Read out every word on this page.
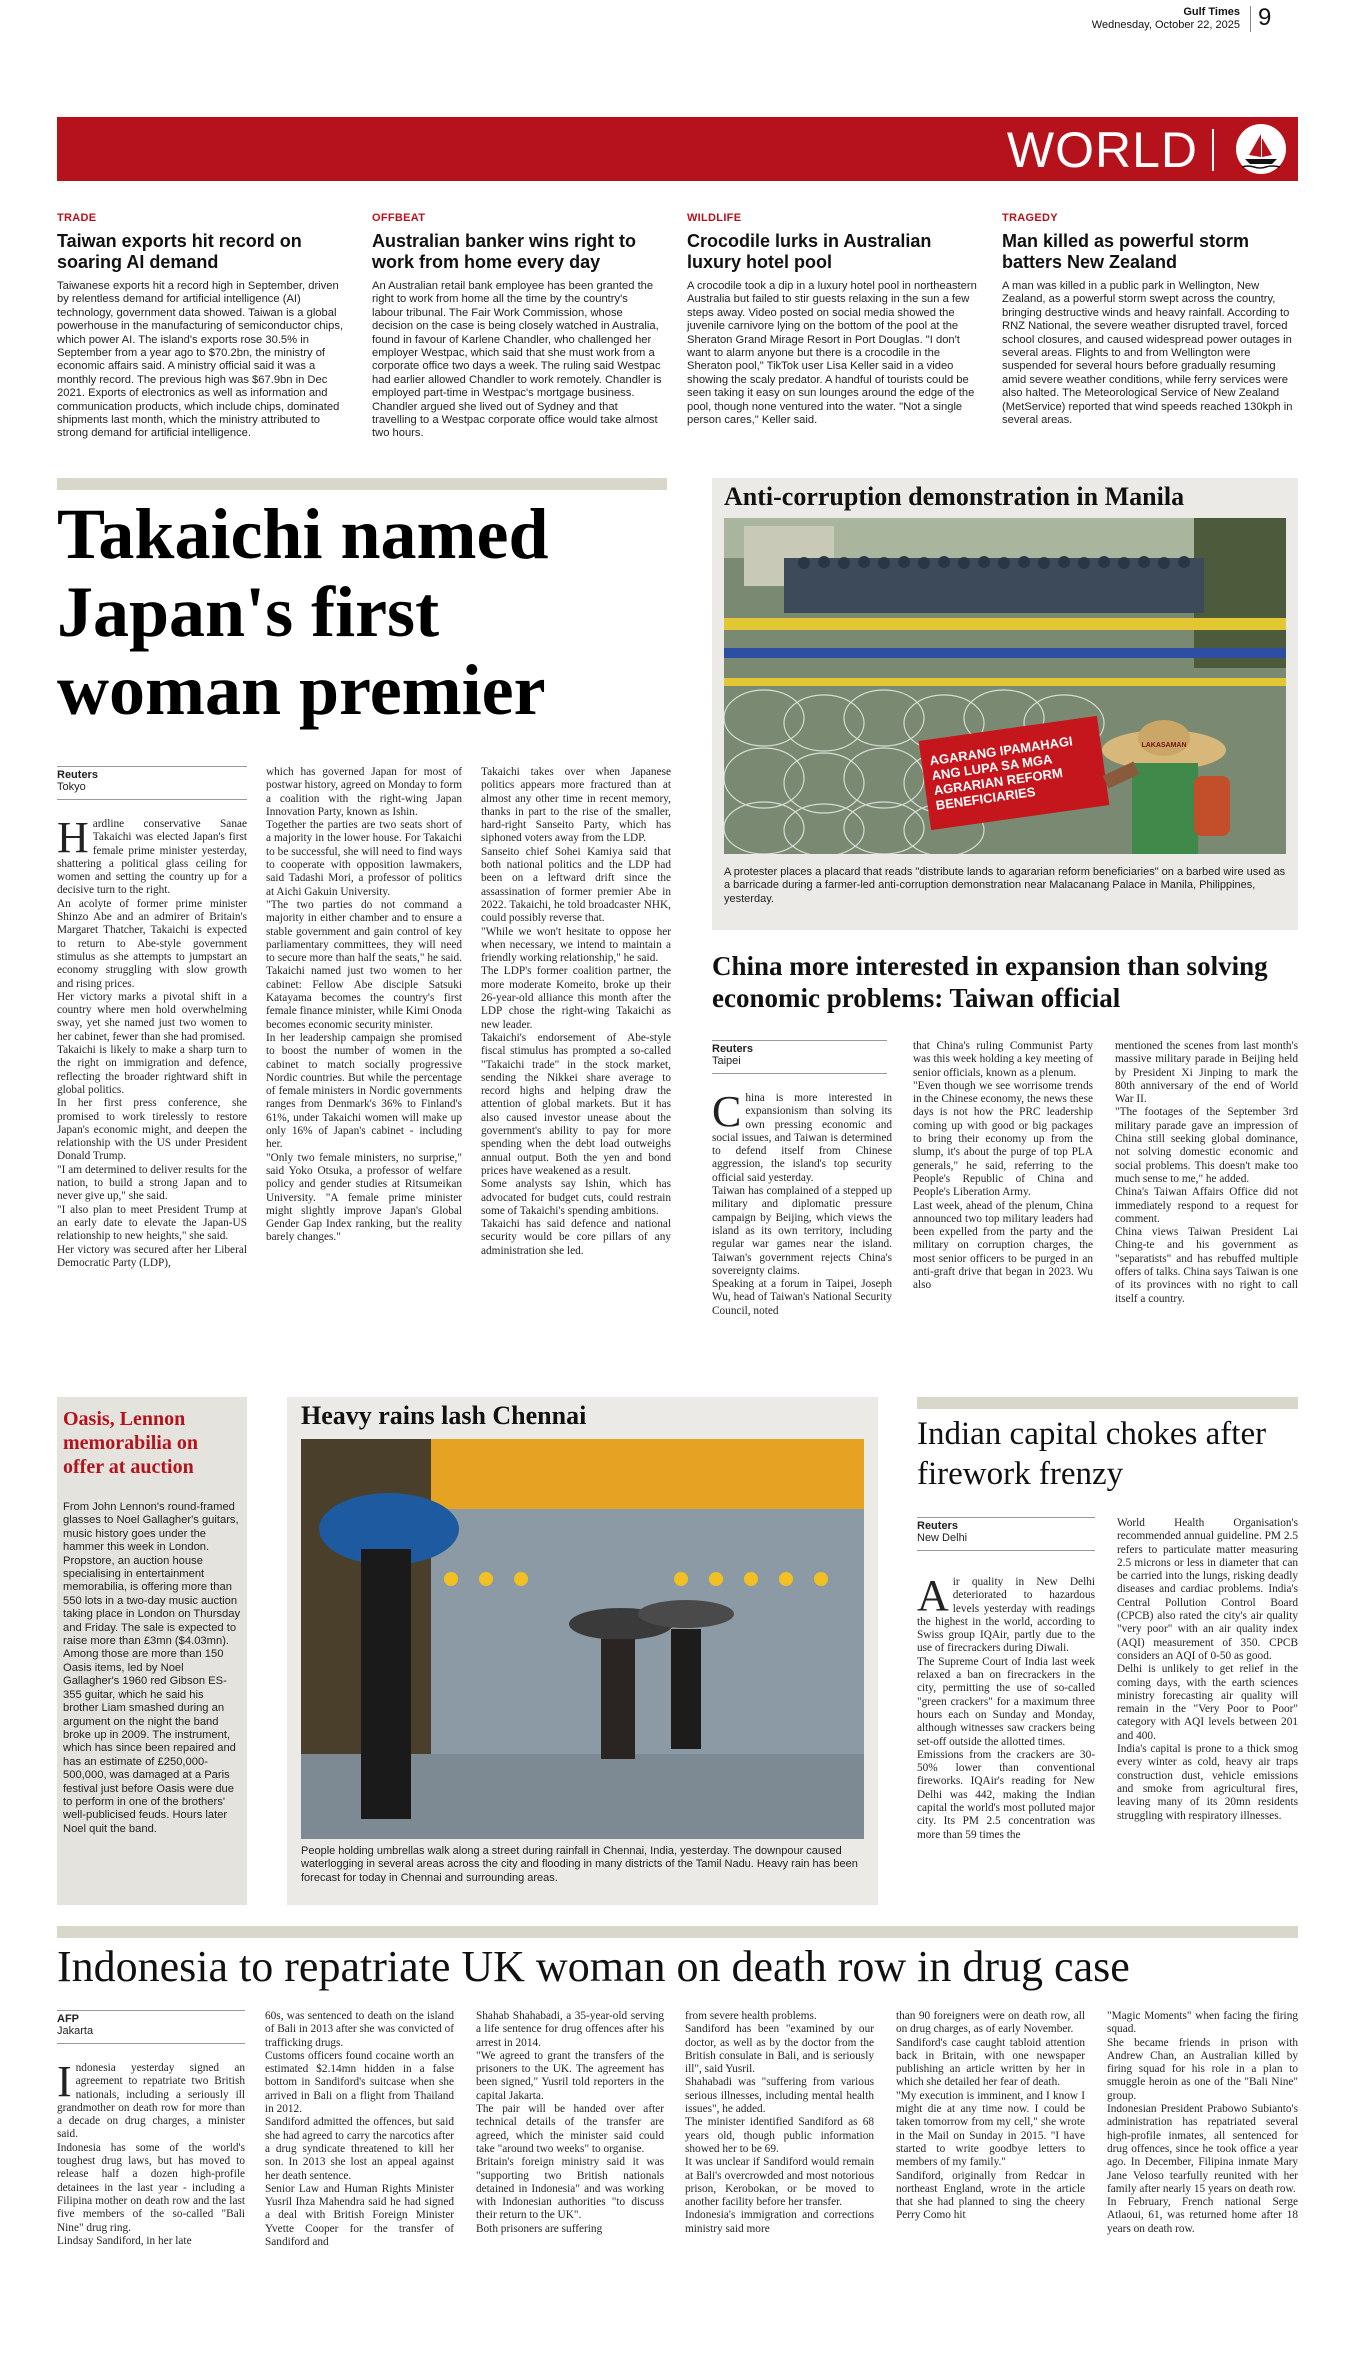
Gulf Times
Wednesday, October 22, 2025 9
WORLD
TRADE
Taiwan exports hit record on soaring AI demand
Taiwanese exports hit a record high in September, driven by relentless demand for artificial intelligence (AI) technology, government data showed. Taiwan is a global powerhouse in the manufacturing of semiconductor chips, which power AI. The island's exports rose 30.5% in September from a year ago to $70.2bn, the ministry of economic affairs said. A ministry official said it was a monthly record. The previous high was $67.9bn in Dec 2021. Exports of electronics as well as information and communication products, which include chips, dominated shipments last month, which the ministry attributed to strong demand for artificial intelligence.
OFFBEAT
Australian banker wins right to work from home every day
An Australian retail bank employee has been granted the right to work from home all the time by the country's labour tribunal. The Fair Work Commission, whose decision on the case is being closely watched in Australia, found in favour of Karlene Chandler, who challenged her employer Westpac, which said that she must work from a corporate office two days a week. The ruling said Westpac had earlier allowed Chandler to work remotely. Chandler is employed part-time in Westpac's mortgage business. Chandler argued she lived out of Sydney and that travelling to a Westpac corporate office would take almost two hours.
WILDLIFE
Crocodile lurks in Australian luxury hotel pool
A crocodile took a dip in a luxury hotel pool in northeastern Australia but failed to stir guests relaxing in the sun a few steps away. Video posted on social media showed the juvenile carnivore lying on the bottom of the pool at the Sheraton Grand Mirage Resort in Port Douglas. "I don't want to alarm anyone but there is a crocodile in the Sheraton pool," TikTok user Lisa Keller said in a video showing the scaly predator. A handful of tourists could be seen taking it easy on sun lounges around the edge of the pool, though none ventured into the water. "Not a single person cares," Keller said.
TRAGEDY
Man killed as powerful storm batters New Zealand
A man was killed in a public park in Wellington, New Zealand, as a powerful storm swept across the country, bringing destructive winds and heavy rainfall. According to RNZ National, the severe weather disrupted travel, forced school closures, and caused widespread power outages in several areas. Flights to and from Wellington were suspended for several hours before gradually resuming amid severe weather conditions, while ferry services were also halted. The Meteorological Service of New Zealand (MetService) reported that wind speeds reached 130kph in several areas.
Takaichi named Japan's first woman premier
Reuters
Tokyo
H ardline conservative Sanae Takaichi was elected Japan's first female prime minister yesterday, shattering a political glass ceiling for women and setting the country up for a decisive turn to the right.

An acolyte of former prime minister Shinzo Abe and an admirer of Britain's Margaret Thatcher, Takaichi is expected to return to Abe-style government stimulus as she attempts to jumpstart an economy struggling with slow growth and rising prices.

Her victory marks a pivotal shift in a country where men hold overwhelming sway, yet she named just two women to her cabinet, fewer than she had promised.

Takaichi is likely to make a sharp turn to the right on immigration and defence, reflecting the broader rightward shift in global politics.

In her first press conference, she promised to work tirelessly to restore Japan's economic might, and deepen the relationship with the US under President Donald Trump.

"I am determined to deliver results for the nation, to build a strong Japan and to never give up," she said.

"I also plan to meet President Trump at an early date to elevate the Japan-US relationship to new heights," she said.

Her victory was secured after her Liberal Democratic Party (LDP),

which has governed Japan for most of postwar history, agreed on Monday to form a coalition with the right-wing Japan Innovation Party, known as Ishin.

Together the parties are two seats short of a majority in the lower house. For Takaichi to be successful, she will need to find ways to cooperate with opposition lawmakers, said Tadashi Mori, a professor of politics at Aichi Gakuin University.

"The two parties do not command a majority in either chamber and to ensure a stable government and gain control of key parliamentary committees, they will need to secure more than half the seats," he said. Takaichi named just two women to her cabinet: Fellow Abe disciple Satsuki Katayama becomes the country's first female finance minister, while Kimi Onoda becomes economic security minister.

In her leadership campaign she promised to boost the number of women in the cabinet to match socially progressive Nordic countries. But while the percentage of female ministers in Nordic governments ranges from Denmark's 36% to Finland's 61%, under Takaichi women will make up only 16% of Japan's cabinet - including her.

"Only two female ministers, no surprise," said Yoko Otsuka, a professor of welfare policy and gender studies at Ritsumeikan University. "A female prime minister might slightly improve Japan's Global Gender Gap Index ranking, but the reality barely changes."

Takaichi takes over when Japanese politics appears more fractured than at almost any other time in recent memory, thanks in part to the rise of the smaller, hard-right Sanseito Party, which has siphoned voters away from the LDP.

Sanseito chief Sohei Kamiya said that both national politics and the LDP had been on a leftward drift since the assassination of former premier Abe in 2022. Takaichi, he told broadcaster NHK, could possibly reverse that.

"While we won't hesitate to oppose her when necessary, we intend to maintain a friendly working relationship," he said.

The LDP's former coalition partner, the more moderate Komeito, broke up their 26-year-old alliance this month after the LDP chose the right-wing Takaichi as new leader.

Takaichi's endorsement of Abe-style fiscal stimulus has prompted a so-called "Takaichi trade" in the stock market, sending the Nikkei share average to record highs and helping draw the attention of global markets. But it has also caused investor unease about the government's ability to pay for more spending when the debt load outweighs annual output. Both the yen and bond prices have weakened as a result.

Some analysts say Ishin, which has advocated for budget cuts, could restrain some of Takaichi's spending ambitions.

Takaichi has said defence and national security would be core pillars of any administration she led.

Anti-corruption demonstration in Manila
AGARANG IPAMAHAGI ANG LUPA SA MGA AGRARIAN REFORM BENEFICIARIES
LAKASAMAN
A protester places a placard that reads "distribute lands to agararian reform beneficiaries" on a barbed wire used as a barricade during a farmer-led anti-corruption demonstration near Malacanang Palace in Manila, Philippines, yesterday.
China more interested in expansion than solving economic problems: Taiwan official
Reuters
Taipei
C hina is more interested in expansionism than solving its own pressing economic and social issues, and Taiwan is determined to defend itself from Chinese aggression, the island's top security official said yesterday.

Taiwan has complained of a stepped up military and diplomatic pressure campaign by Beijing, which views the island as its own territory, including regular war games near the island. Taiwan's government rejects China's sovereignty claims.

Speaking at a forum in Taipei, Joseph Wu, head of Taiwan's National Security Council, noted

that China's ruling Communist Party was this week holding a key meeting of senior officials, known as a plenum.

"Even though we see worrisome trends in the Chinese economy, the news these days is not how the PRC leadership coming up with good or big packages to bring their economy up from the slump, it's about the purge of top PLA generals," he said, referring to the People's Republic of China and People's Liberation Army.

Last week, ahead of the plenum, China announced two top military leaders had been expelled from the party and the military on corruption charges, the most senior officers to be purged in an anti-graft drive that began in 2023. Wu also

mentioned the scenes from last month's massive military parade in Beijing held by President Xi Jinping to mark the 80th anniversary of the end of World War II.

"The footages of the September 3rd military parade gave an impression of China still seeking global dominance, not solving domestic economic and social problems. This doesn't make too much sense to me," he added.

China's Taiwan Affairs Office did not immediately respond to a request for comment.

China views Taiwan President Lai Ching-te and his government as "separatists" and has rebuffed multiple offers of talks. China says Taiwan is one of its provinces with no right to call itself a country.

Oasis, Lennon memorabilia on offer at auction
From John Lennon's round-framed glasses to Noel Gallagher's guitars, music history goes under the hammer this week in London. Propstore, an auction house specialising in entertainment memorabilia, is offering more than 550 lots in a two-day music auction taking place in London on Thursday and Friday. The sale is expected to raise more than £3mn ($4.03mn). Among those are more than 150 Oasis items, led by Noel Gallagher's 1960 red Gibson ES-355 guitar, which he said his brother Liam smashed during an argument on the night the band broke up in 2009. The instrument, which has since been repaired and has an estimate of £250,000-500,000, was damaged at a Paris festival just before Oasis were due to perform in one of the brothers' well-publicised feuds. Hours later Noel quit the band.
Heavy rains lash Chennai
People holding umbrellas walk along a street during rainfall in Chennai, India, yesterday. The downpour caused waterlogging in several areas across the city and flooding in many districts of the Tamil Nadu. Heavy rain has been forecast for today in Chennai and surrounding areas.
Indian capital chokes after firework frenzy
Reuters
New Delhi
A ir quality in New Delhi deteriorated to hazardous levels yesterday with readings the highest in the world, according to Swiss group IQAir, partly due to the use of firecrackers during Diwali.

The Supreme Court of India last week relaxed a ban on firecrackers in the city, permitting the use of so-called "green crackers" for a maximum three hours each on Sunday and Monday, although witnesses saw crackers being set-off outside the allotted times.

Emissions from the crackers are 30-50% lower than conventional fireworks. IQAir's reading for New Delhi was 442, making the Indian capital the world's most polluted major city. Its PM 2.5 concentration was more than 59 times the

World Health Organisation's recommended annual guideline. PM 2.5 refers to particulate matter measuring 2.5 microns or less in diameter that can be carried into the lungs, risking deadly diseases and cardiac problems. India's Central Pollution Control Board (CPCB) also rated the city's air quality "very poor" with an air quality index (AQI) measurement of 350. CPCB considers an AQI of 0-50 as good.

Delhi is unlikely to get relief in the coming days, with the earth sciences ministry forecasting air quality will remain in the "Very Poor to Poor" category with AQI levels between 201 and 400.

India's capital is prone to a thick smog every winter as cold, heavy air traps construction dust, vehicle emissions and smoke from agricultural fires, leaving many of its 20mn residents struggling with respiratory illnesses.

Indonesia to repatriate UK woman on death row in drug case
AFP
Jakarta
I ndonesia yesterday signed an agreement to repatriate two British nationals, including a seriously ill grandmother on death row for more than a decade on drug charges, a minister said.

Indonesia has some of the world's toughest drug laws, but has moved to release half a dozen high-profile detainees in the last year - including a Filipina mother on death row and the last five members of the so-called "Bali Nine" drug ring.

Lindsay Sandiford, in her late

60s, was sentenced to death on the island of Bali in 2013 after she was convicted of trafficking drugs.

Customs officers found cocaine worth an estimated $2.14mn hidden in a false bottom in Sandiford's suitcase when she arrived in Bali on a flight from Thailand in 2012.

Sandiford admitted the offences, but said she had agreed to carry the narcotics after a drug syndicate threatened to kill her son. In 2013 she lost an appeal against her death sentence.

Senior Law and Human Rights Minister Yusril Ihza Mahendra said he had signed a deal with British Foreign Minister Yvette Cooper for the transfer of Sandiford and

Shahab Shahabadi, a 35-year-old serving a life sentence for drug offences after his arrest in 2014.

"We agreed to grant the transfers of the prisoners to the UK. The agreement has been signed," Yusril told reporters in the capital Jakarta.

The pair will be handed over after technical details of the transfer are agreed, which the minister said could take "around two weeks" to organise.

Britain's foreign ministry said it was "supporting two British nationals detained in Indonesia" and was working with Indonesian authorities "to discuss their return to the UK".

Both prisoners are suffering

from severe health problems.

Sandiford has been "examined by our doctor, as well as by the doctor from the British consulate in Bali, and is seriously ill", said Yusril.

Shahabadi was "suffering from various serious illnesses, including mental health issues", he added.

The minister identified Sandiford as 68 years old, though public information showed her to be 69.

It was unclear if Sandiford would remain at Bali's overcrowded and most notorious prison, Kerobokan, or be moved to another facility before her transfer.

Indonesia's immigration and corrections ministry said more

than 90 foreigners were on death row, all on drug charges, as of early November.

Sandiford's case caught tabloid attention back in Britain, with one newspaper publishing an article written by her in which she detailed her fear of death.

"My execution is imminent, and I know I might die at any time now. I could be taken tomorrow from my cell," she wrote in the Mail on Sunday in 2015. "I have started to write goodbye letters to members of my family."

Sandiford, originally from Redcar in northeast England, wrote in the article that she had planned to sing the cheery Perry Como hit

"Magic Moments" when facing the firing squad.

She became friends in prison with Andrew Chan, an Australian killed by firing squad for his role in a plan to smuggle heroin as one of the "Bali Nine" group.

Indonesian President Prabowo Subianto's administration has repatriated several high-profile inmates, all sentenced for drug offences, since he took office a year ago. In December, Filipina inmate Mary Jane Veloso tearfully reunited with her family after nearly 15 years on death row.

In February, French national Serge Atlaoui, 61, was returned home after 18 years on death row.
